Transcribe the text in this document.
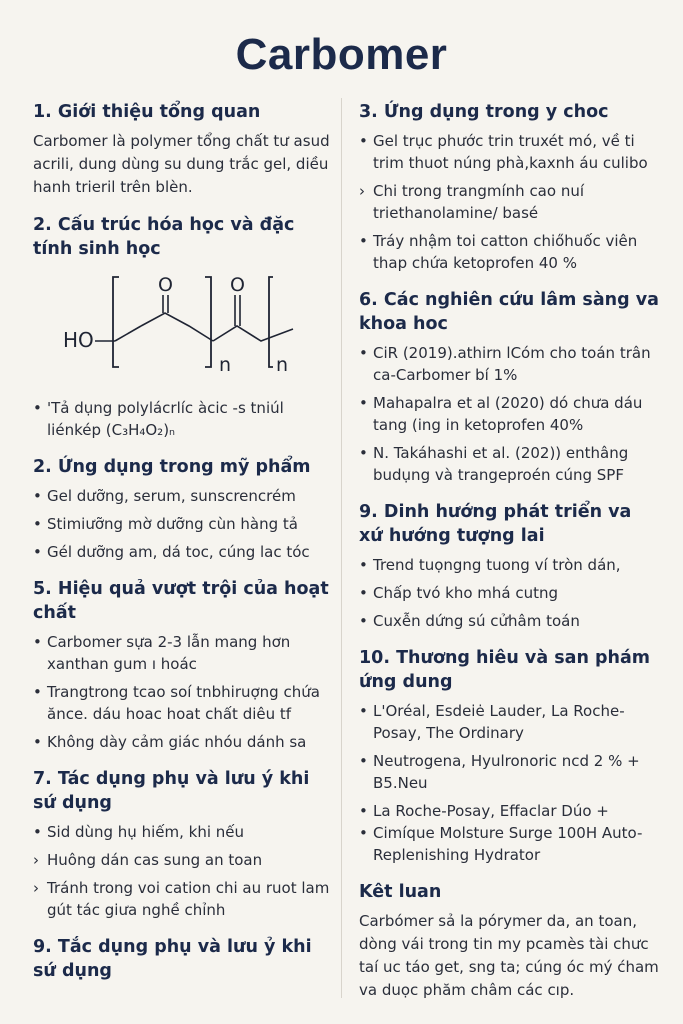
Carbomer
1. Giới thiệu tổng quan

Carbomer là polymer tổng chất tư asud acrili, dung dùng su dung trắc gel, diều hanh trieril trên blèn.

2. Cấu trúc hóa học và đặc tính sinh học
HO
O	O
n n
• 'Tả dụng polylácrlíc àcic -s tniúl liénkép (C₃H₄O₂)ₙ
2. Ứng dụng trong mỹ phẩm
• Gel dưỡng, serum, sunscrencrém
• Stimiưỡng mờ dưỡng cùn hàng tả
• Gél dưỡng am, dá toc, cúng lac tóc
5. Hiệu quả vượt trội của hoạt chất
• Carbomer sựa 2-3 lẫn mang hơn xanthan gum ı hoác
• Trangtrong tcao soí tnbhiruợng chứa ănce. dáu hoac hoat chất diêu tf
• Không dày cảm giác nhóu dánh sa
7. Tác dụng phụ và lưu ý khi sứ dụng
• Sid dùng hụ hiếm, khi nếu
› Huông dán cas sung an toan
› Tránh trong voi cation chi au ruot lam gút tác giưa nghề chỉnh
9. Tắc dụng phụ và lưu ỷ khi sứ dụng
3. Ứng dụng trong y choc
• Gel trục phước trin truxét mó, về ti trim thuot núng phà,kaxnh áu culibo
› Chi trong trangmính cao nuí triethanolamine/ basé
• Tráy nhậm toi catton chiőhuốc viên thap chứa ketoprofen 40 %
6. Các nghiên cứu lâm sàng va khoa hoc
• CiR (2019).athirn lCóm cho toán trân ca-Carbomer bí 1%
• Mahapalra et al (2020) dó chưa dáu tang (ing in ketoprofen 40%
• N. Takáhashi et al. (202)) enthâng budụng và trangeproén cúng SPF
9. Dinh hướng phát triển va xứ hướng tượng lai
• Trend tuọngng tuong ví tròn dán,
• Chấp tvó kho mhá cutng
• Cuxễn dứng sú cửhâm toán
10. Thương hiêu và san phám ứng dung
• L'Oréal, Esdeiė Lauder, La Roche-Posay, The Ordinary
• Neutrogena, Hyulronoric ncd 2 % + B5.Neu
• La Roche-Posay, Effaclar Dúo +
• Cimíque Molsture Surge 100H Auto-Replenishing Hydrator
Kêt luan

Carbómer sả la pórymer da, an toan, dòng vái trong tin my pcamès tài chưc taí uc táo get, sng ta; cúng óc mý ćham va duọc phăm châm các cıp.
